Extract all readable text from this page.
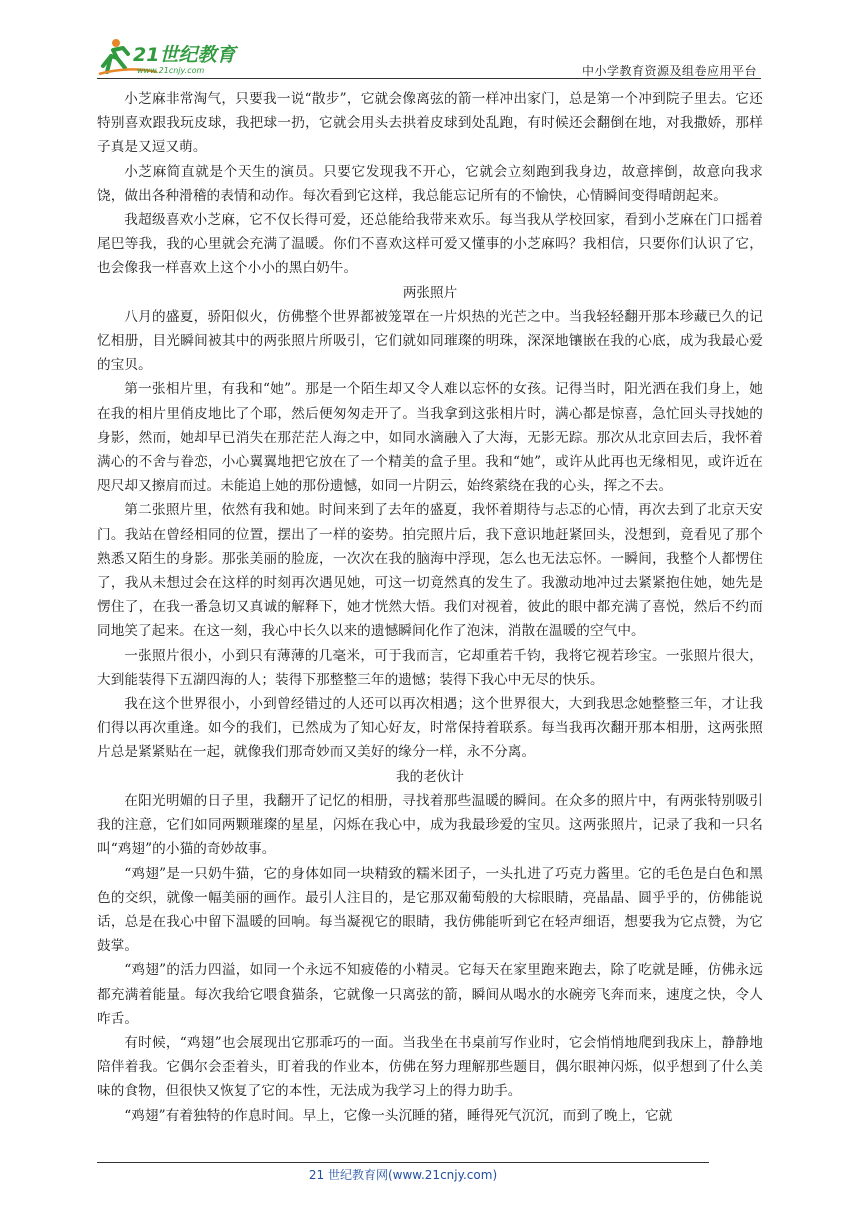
21世纪教育
www.21cnjy.com	中小学教育资源及组卷应用平台

小芝麻非常淘气，只要我一说“散步”，它就会像离弦的箭一样冲出家门，总是第一个冲到院子里去。它还特别喜欢跟我玩皮球，我把球一扔，它就会用头去拱着皮球到处乱跑，有时候还会翻倒在地，对我撒娇，那样子真是又逗又萌。

小芝麻简直就是个天生的演员。只要它发现我不开心，它就会立刻跑到我身边，故意摔倒，故意向我求饶，做出各种滑稽的表情和动作。每次看到它这样，我总能忘记所有的不愉快，心情瞬间变得晴朗起来。

我超级喜欢小芝麻，它不仅长得可爱，还总能给我带来欢乐。每当我从学校回家，看到小芝麻在门口摇着尾巴等我，我的心里就会充满了温暖。你们不喜欢这样可爱又懂事的小芝麻吗？我相信，只要你们认识了它，也会像我一样喜欢上这个小小的黑白奶牛。

两张照片

八月的盛夏，骄阳似火，仿佛整个世界都被笼罩在一片炽热的光芒之中。当我轻轻翻开那本珍藏已久的记忆相册，目光瞬间被其中的两张照片所吸引，它们就如同璀璨的明珠，深深地镶嵌在我的心底，成为我最心爱的宝贝。

第一张相片里，有我和“她”。那是一个陌生却又令人难以忘怀的女孩。记得当时，阳光洒在我们身上，她在我的相片里俏皮地比了个耶，然后便匆匆走开了。当我拿到这张相片时，满心都是惊喜，急忙回头寻找她的身影，然而，她却早已消失在那茫茫人海之中，如同水滴融入了大海，无影无踪。那次从北京回去后，我怀着满心的不舍与眷恋，小心翼翼地把它放在了一个精美的盒子里。我和“她”，或许从此再也无缘相见，或许近在咫尺却又擦肩而过。未能追上她的那份遗憾，如同一片阴云，始终萦绕在我的心头，挥之不去。

第二张照片里，依然有我和她。时间来到了去年的盛夏，我怀着期待与忐忑的心情，再次去到了北京天安门。我站在曾经相同的位置，摆出了一样的姿势。拍完照片后，我下意识地赶紧回头，没想到，竟看见了那个熟悉又陌生的身影。那张美丽的脸庞，一次次在我的脑海中浮现，怎么也无法忘怀。一瞬间，我整个人都愣住了，我从未想过会在这样的时刻再次遇见她，可这一切竟然真的发生了。我激动地冲过去紧紧抱住她，她先是愣住了，在我一番急切又真诚的解释下，她才恍然大悟。我们对视着，彼此的眼中都充满了喜悦，然后不约而同地笑了起来。在这一刻，我心中长久以来的遗憾瞬间化作了泡沫，消散在温暖的空气中。

一张照片很小，小到只有薄薄的几毫米，可于我而言，它却重若千钧，我将它视若珍宝。一张照片很大，大到能装得下五湖四海的人；装得下那整整三年的遗憾；装得下我心中无尽的快乐。

我在这个世界很小，小到曾经错过的人还可以再次相遇；这个世界很大，大到我思念她整整三年，才让我们得以再次重逢。如今的我们，已然成为了知心好友，时常保持着联系。每当我再次翻开那本相册，这两张照片总是紧紧贴在一起，就像我们那奇妙而又美好的缘分一样，永不分离。

我的老伙计

在阳光明媚的日子里，我翻开了记忆的相册，寻找着那些温暖的瞬间。在众多的照片中，有两张特别吸引我的注意，它们如同两颗璀璨的星星，闪烁在我心中，成为我最珍爱的宝贝。这两张照片，记录了我和一只名叫“鸡翅”的小猫的奇妙故事。

“鸡翅”是一只奶牛猫，它的身体如同一块精致的糯米团子，一头扎进了巧克力酱里。它的毛色是白色和黑色的交织，就像一幅美丽的画作。最引人注目的，是它那双葡萄般的大棕眼睛，亮晶晶、圆乎乎的，仿佛能说话，总是在我心中留下温暖的回响。每当凝视它的眼睛，我仿佛能听到它在轻声细语，想要我为它点赞，为它鼓掌。

“鸡翅”的活力四溢，如同一个永远不知疲倦的小精灵。它每天在家里跑来跑去，除了吃就是睡，仿佛永远都充满着能量。每次我给它喂食猫条，它就像一只离弦的箭，瞬间从喝水的水碗旁飞奔而来，速度之快，令人咋舌。

有时候，“鸡翅”也会展现出它那乖巧的一面。当我坐在书桌前写作业时，它会悄悄地爬到我床上，静静地陪伴着我。它偶尔会歪着头，盯着我的作业本，仿佛在努力理解那些题目，偶尔眼神闪烁，似乎想到了什么美味的食物，但很快又恢复了它的本性，无法成为我学习上的得力助手。

“鸡翅”有着独特的作息时间。早上，它像一头沉睡的猪，睡得死气沉沉，而到了晚上，它就

21 世纪教育网(www.21cnjy.com)
